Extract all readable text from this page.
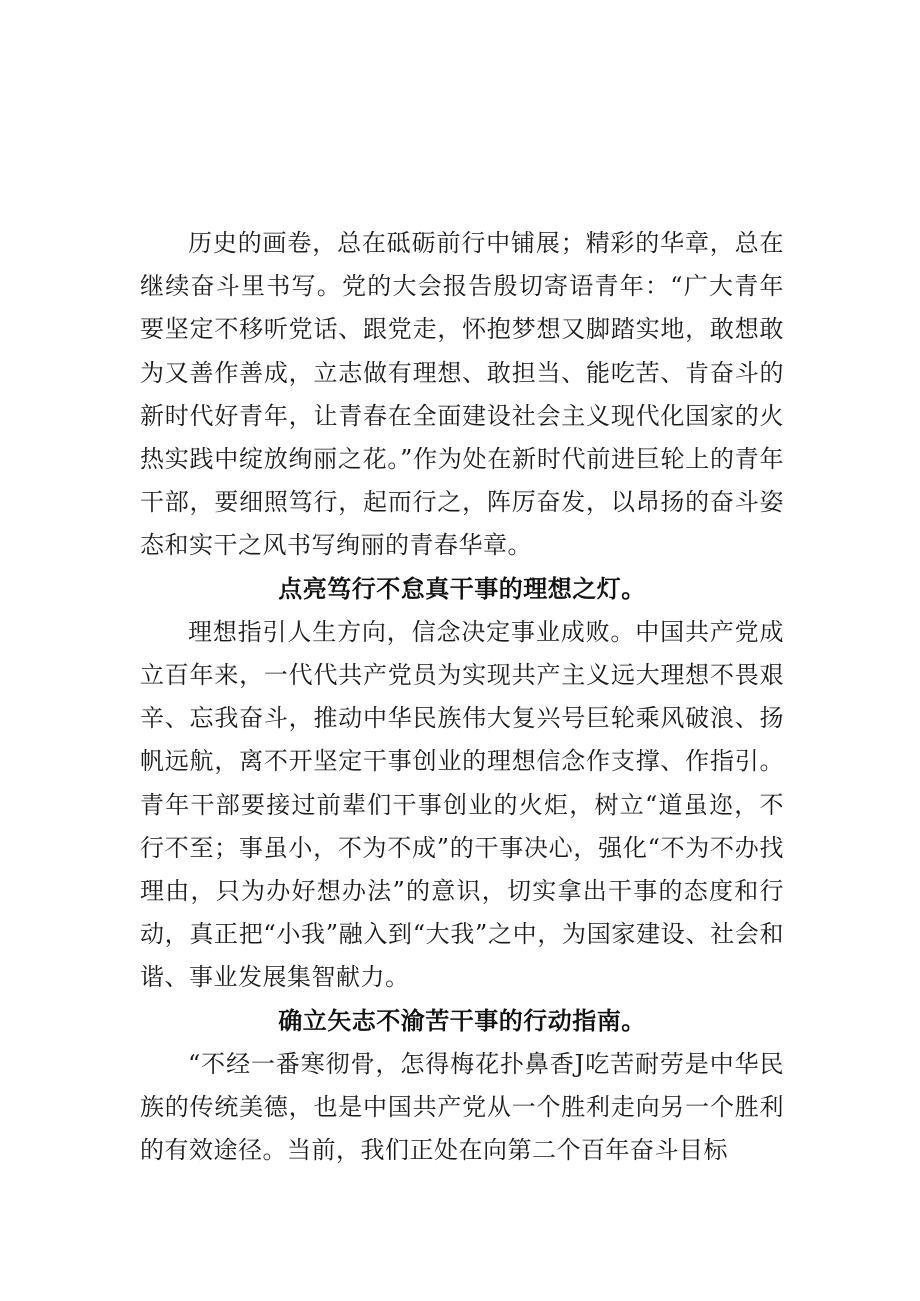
历史的画卷，总在砥砺前行中铺展；精彩的华章，总在继续奋斗里书写。党的大会报告殷切寄语青年：“广大青年要坚定不移听党话、跟党走，怀抱梦想又脚踏实地，敢想敢为又善作善成，立志做有理想、敢担当、能吃苦、肯奋斗的新时代好青年，让青春在全面建设社会主义现代化国家的火热实践中绽放绚丽之花。”作为处在新时代前进巨轮上的青年干部，要细照笃行，起而行之，阵厉奋发，以昂扬的奋斗姿态和实干之风书写绚丽的青春华章。

点亮笃行不怠真干事的理想之灯。

理想指引人生方向，信念决定事业成败。中国共产党成立百年来，一代代共产党员为实现共产主义远大理想不畏艰辛、忘我奋斗，推动中华民族伟大复兴号巨轮乘风破浪、扬帆远航，离不开坚定干事创业的理想信念作支撑、作指引。青年干部要接过前辈们干事创业的火炬，树立“道虽迩，不行不至；事虽小，不为不成”的干事决心，强化“不为不办找理由，只为办好想办法”的意识，切实拿出干事的态度和行动，真正把“小我”融入到“大我”之中，为国家建设、社会和谐、事业发展集智献力。

确立矢志不渝苦干事的行动指南。

“不经一番寒彻骨，怎得梅花扑鼻香J吃苦耐劳是中华民族的传统美德，也是中国共产党从一个胜利走向另一个胜利的有效途径。当前，我们正处在向第二个百年奋斗目标
